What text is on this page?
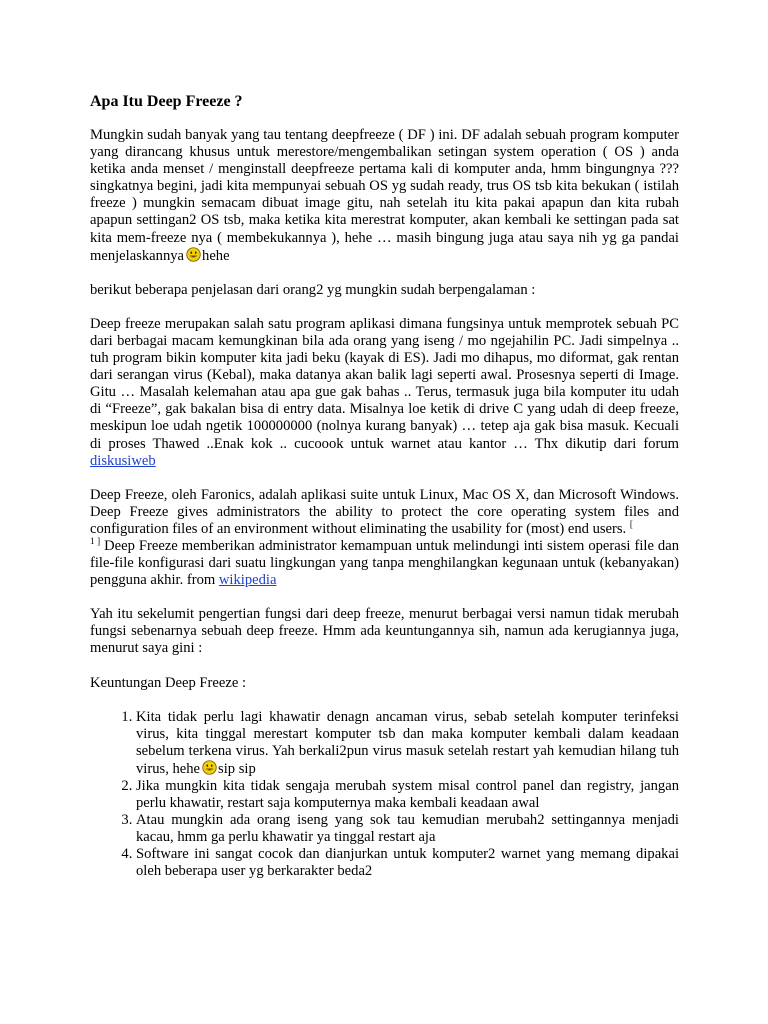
Apa Itu Deep Freeze ?

Mungkin sudah banyak yang tau tentang deepfreeze ( DF ) ini. DF adalah sebuah program komputer yang dirancang khusus untuk merestore/mengembalikan setingan system operation ( OS ) anda ketika anda menset / menginstall deepfreeze pertama kali di komputer anda, hmm bingungnya ??? singkatnya begini, jadi kita mempunyai sebuah OS yg sudah ready, trus OS tsb kita bekukan ( istilah freeze ) mungkin semacam dibuat image gitu, nah setelah itu kita pakai apapun dan kita rubah apapun settingan2 OS tsb, maka ketika kita merestrat komputer, akan kembali ke settingan pada sat kita mem-freeze nya ( membekukannya ), hehe … masih bingung juga atau saya nih yg ga pandai menjelaskannya hehe

berikut beberapa penjelasan dari orang2 yg mungkin sudah berpengalaman :

Deep freeze merupakan salah satu program aplikasi dimana fungsinya untuk memprotek sebuah PC dari berbagai macam kemungkinan bila ada orang yang iseng / mo ngejahilin PC. Jadi simpelnya .. tuh program bikin komputer kita jadi beku (kayak di ES). Jadi mo dihapus, mo diformat, gak rentan dari serangan virus (Kebal), maka datanya akan balik lagi seperti awal. Prosesnya seperti di Image. Gitu … Masalah kelemahan atau apa gue gak bahas .. Terus, termasuk juga bila komputer itu udah di “Freeze”, gak bakalan bisa di entry data. Misalnya loe ketik di drive C yang udah di deep freeze, meskipun loe udah ngetik 100000000 (nolnya kurang banyak) … tetep aja gak bisa masuk. Kecuali di proses Thawed ..Enak kok .. cucoook untuk warnet atau kantor … Thx dikutip dari forum diskusiweb

Deep Freeze, oleh Faronics, adalah aplikasi suite untuk Linux, Mac OS X, dan Microsoft Windows. Deep Freeze gives administrators the ability to protect the core operating system files and configuration files of an environment without eliminating the usability for (most) end users. [
$^{1 ]}$ Deep Freeze memberikan administrator kemampuan untuk melindungi inti sistem operasi file dan file-file konfigurasi dari suatu lingkungan yang tanpa menghilangkan kegunaan untuk (kebanyakan) pengguna akhir. from wikipedia

Yah itu sekelumit pengertian fungsi dari deep freeze, menurut berbagai versi namun tidak merubah fungsi sebenarnya sebuah deep freeze. Hmm ada keuntungannya sih, namun ada kerugiannya juga, menurut saya gini :

Keuntungan Deep Freeze :

1. Kita tidak perlu lagi khawatir denagn ancaman virus, sebab setelah komputer terinfeksi virus, kita tinggal merestart komputer tsb dan maka komputer kembali dalam keadaan sebelum terkena virus. Yah berkali2pun virus masuk setelah restart yah kemudian hilang tuh virus, hehe sip sip
2. Jika mungkin kita tidak sengaja merubah system misal control panel dan registry, jangan perlu khawatir, restart saja komputernya maka kembali keadaan awal
3. Atau mungkin ada orang iseng yang sok tau kemudian merubah2 settingannya menjadi kacau, hmm ga perlu khawatir ya tinggal restart aja
4. Software ini sangat cocok dan dianjurkan untuk komputer2 warnet yang memang dipakai oleh beberapa user yg berkarakter beda2
